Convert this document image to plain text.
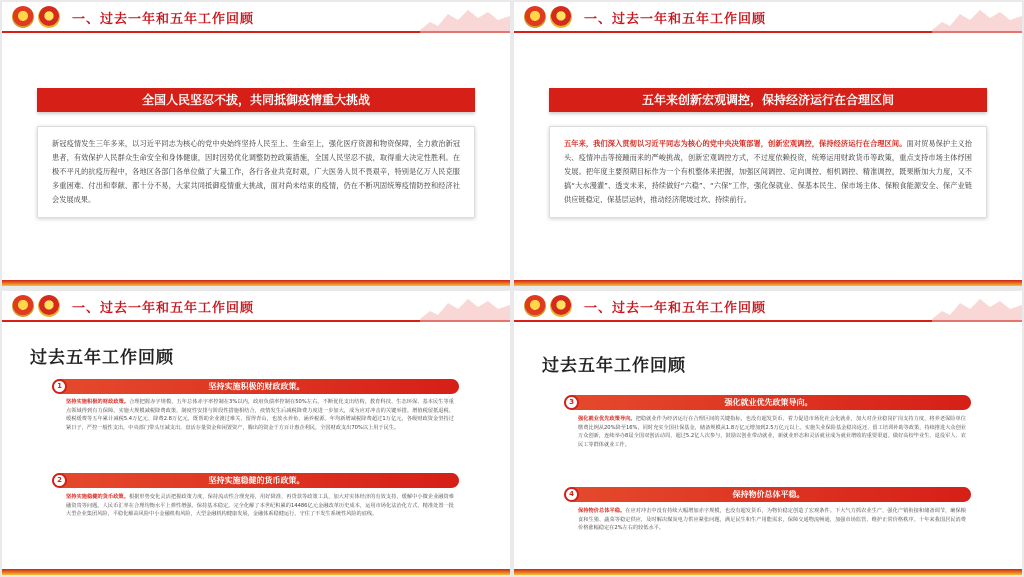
一、过去一年和五年工作回顾
全国人民坚忍不拔，共同抵御疫情重大挑战
新冠疫情发生三年多来，以习近平同志为核心的党中央始终坚持人民至上、生命至上，强化医疗资源和物资保障，全力救治新冠患者，有效保护人民群众生命安全和身体健康，因时因势优化调整防控政策措施，全国人民坚忍不拔，取得重大决定性胜利。在极不平凡的抗疫历程中，各地区各部门各单位做了大量工作，各行各业共克时艰，广大医务人员不畏艰辛，特别是亿万人民克服多重困难、付出和奉献、都十分不易，大家共同抵御疫情重大挑战，面对尚未结束的疫情，仍在不断巩固统筹疫情防控和经济社会发展成果。
一、过去一年和五年工作回顾
五年来创新宏观调控，保持经济运行在合理区间
五年来，我们深入贯彻以习近平同志为核心的党中央决策部署，创新宏观调控，保持经济运行在合理区间。面对贸易保护主义抬头、疫情冲击等接踵而来的严峻挑战，创新宏观调控方式，不过度依赖投资，统筹运用财政货币等政策，重点支持市场主体纾困发展。把年度主要预期目标作为一个有机整体来把握，加强区间调控、定向调控、相机调控、精准调控，既果断加大力度，又不搞“大水漫灌”、透支未来，持续做好“六稳”、“六保”工作，强化保就业、保基本民生、保市场主体、保粮食能源安全、保产业链供应链稳定、保基层运转，推动经济爬坡过坎、持续前行。
一、过去一年和五年工作回顾
过去五年工作回顾
坚持实施积极的财政政策。
1
坚持实施积极的财政政策。合理把握赤字规模，五年总体赤字率控制在3%以内，政府负债率控制在50%左右。不断优化支出结构，教育科技、生态环保、基本民生等重点领域得到有力保障。实施大规模减税降费政策，制度性安排与阶段性措施相结合，疫情发生后减税降费力度进一步加大，成为应对冲击的关键举措。增值税留抵退税、缓税缓费等五年累计减税5.4万亿元、降费2.8万亿元，既帮助企业渡过难关、留得青山，也放水养鱼、涵养税源。年均新增减税降费超过1万亿元，各级财政资金坚持过紧日子，严控一般性支出，中央部门带头压减支出，盘活存量资金和闲置资产，腾出的资金千方百计惠企利民，全国财政支出70%以上用于民生。
坚持实施稳健的货币政策。
2
坚持实施稳健的货币政策。根据形势变化灵活把握政策力度，保持流动性合理充裕，用好降准、再贷款等政策工具，加大对实体经济的有效支持，缓解中小微企业融资难融资贵等问题。人民币汇率在合理均衡水平上弹性增强、保持基本稳定。完全化解了本世纪积累的14486亿元金融改革历史成本，运用市场化法治化方式，精准处置一批大型企业集团风险，平稳化解高风险中小金融机构风险，大型金融机构健康发展，金融体系稳健运行，守住了不发生系统性风险的底线。
一、过去一年和五年工作回顾
过去五年工作回顾
强化就业优先政策导向。
3
强化就业优先政策导向。把稳就业作为经济运行在合理区间的关键指标，也没有超发货币，着力促进市场化社会化就业，加大对企业稳岗扩岗支持力度，将养老保险单位缴费比例从20%降至16%，同时充实全国社保基金，储备规模从1.8万亿元增加到2.5万亿元以上。实施失业保险基金稳岗返还、留工培训补助等政策，持续推进大众创业万众创新，连续举办8届全国双创活动周，超过5.2亿人次参与，鼓励以创业带动就业，新就业形态和灵活就业成为就业增收的重要渠道。做好高校毕业生、退役军人、农民工等群体就业工作。
保持物价总体平稳。
4
保持物价总体平稳。在应对冲击中没有持续大幅增加赤字规模，也没有超发货币，为物价稳定创造了宏观条件。下大气力抓农业生产，强化产销衔接和储备调节，确保粮食和生猪、蔬菜等稳定供应，及时解决煤炭电力供应紧张问题，满足民生和生产用能需求，保障交通物流畅通，加强市场监管，维护正常价格秩序。十年来我国居民消费价格涨幅稳定在2%左右的较低水平。
